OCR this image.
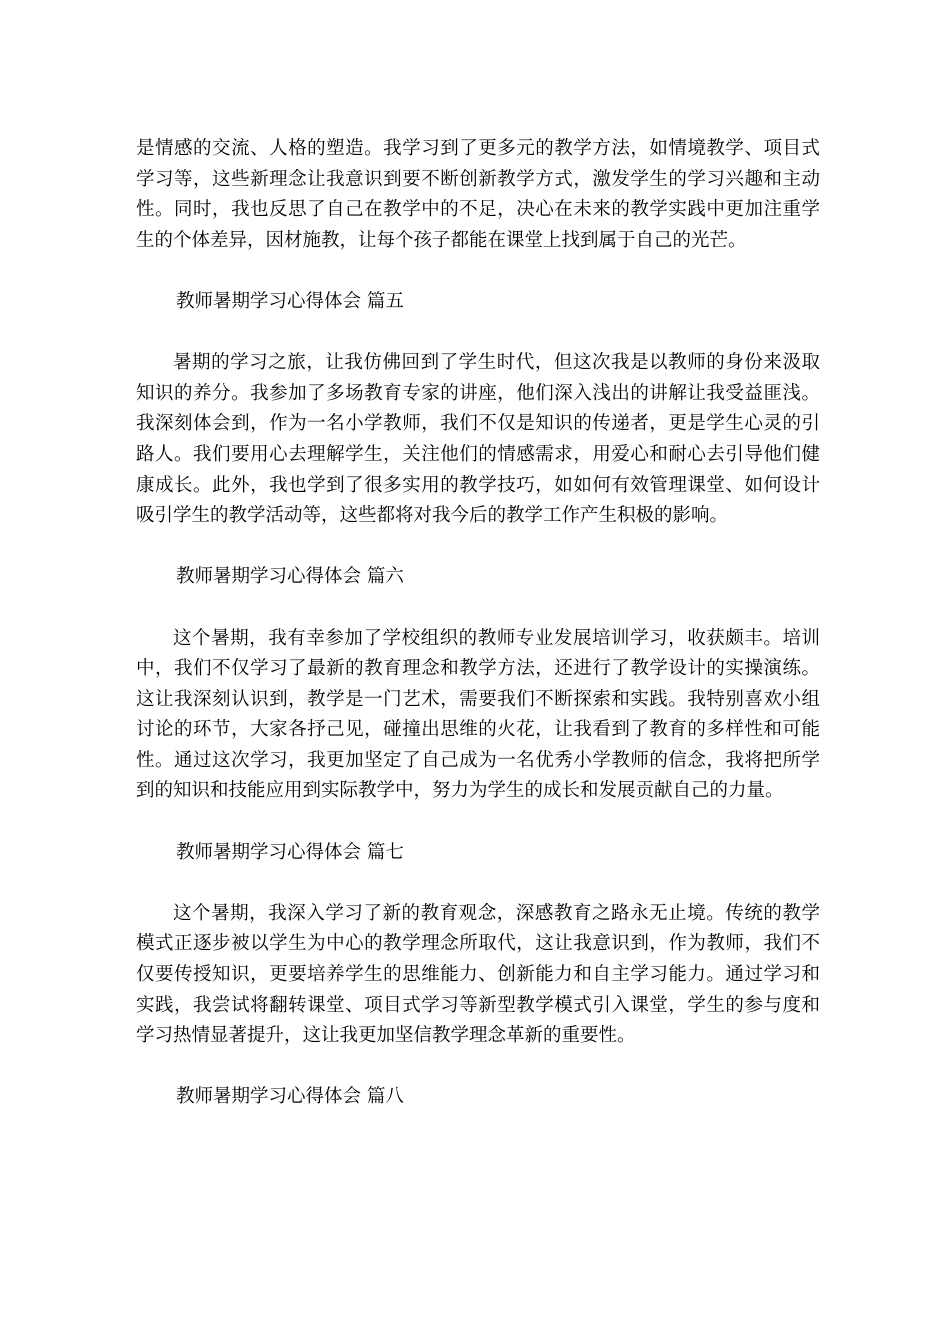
是情感的交流、人格的塑造。我学习到了更多元的教学方法，如情境教学、项目式学习等，这些新理念让我意识到要不断创新教学方式，激发学生的学习兴趣和主动性。同时，我也反思了自己在教学中的不足，决心在未来的教学实践中更加注重学生的个体差异，因材施教，让每个孩子都能在课堂上找到属于自己的光芒。

教师暑期学习心得体会 篇五

暑期的学习之旅，让我仿佛回到了学生时代，但这次我是以教师的身份来汲取知识的养分。我参加了多场教育专家的讲座，他们深入浅出的讲解让我受益匪浅。我深刻体会到，作为一名小学教师，我们不仅是知识的传递者，更是学生心灵的引路人。我们要用心去理解学生，关注他们的情感需求，用爱心和耐心去引导他们健康成长。此外，我也学到了很多实用的教学技巧，如如何有效管理课堂、如何设计吸引学生的教学活动等，这些都将对我今后的教学工作产生积极的影响。

教师暑期学习心得体会 篇六

这个暑期，我有幸参加了学校组织的教师专业发展培训学习，收获颇丰。培训中，我们不仅学习了最新的教育理念和教学方法，还进行了教学设计的实操演练。这让我深刻认识到，教学是一门艺术，需要我们不断探索和实践。我特别喜欢小组讨论的环节，大家各抒己见，碰撞出思维的火花，让我看到了教育的多样性和可能性。通过这次学习，我更加坚定了自己成为一名优秀小学教师的信念，我将把所学到的知识和技能应用到实际教学中，努力为学生的成长和发展贡献自己的力量。

教师暑期学习心得体会 篇七

这个暑期，我深入学习了新的教育观念，深感教育之路永无止境。传统的教学模式正逐步被以学生为中心的教学理念所取代，这让我意识到，作为教师，我们不仅要传授知识，更要培养学生的思维能力、创新能力和自主学习能力。通过学习和实践，我尝试将翻转课堂、项目式学习等新型教学模式引入课堂，学生的参与度和学习热情显著提升，这让我更加坚信教学理念革新的重要性。

教师暑期学习心得体会 篇八
